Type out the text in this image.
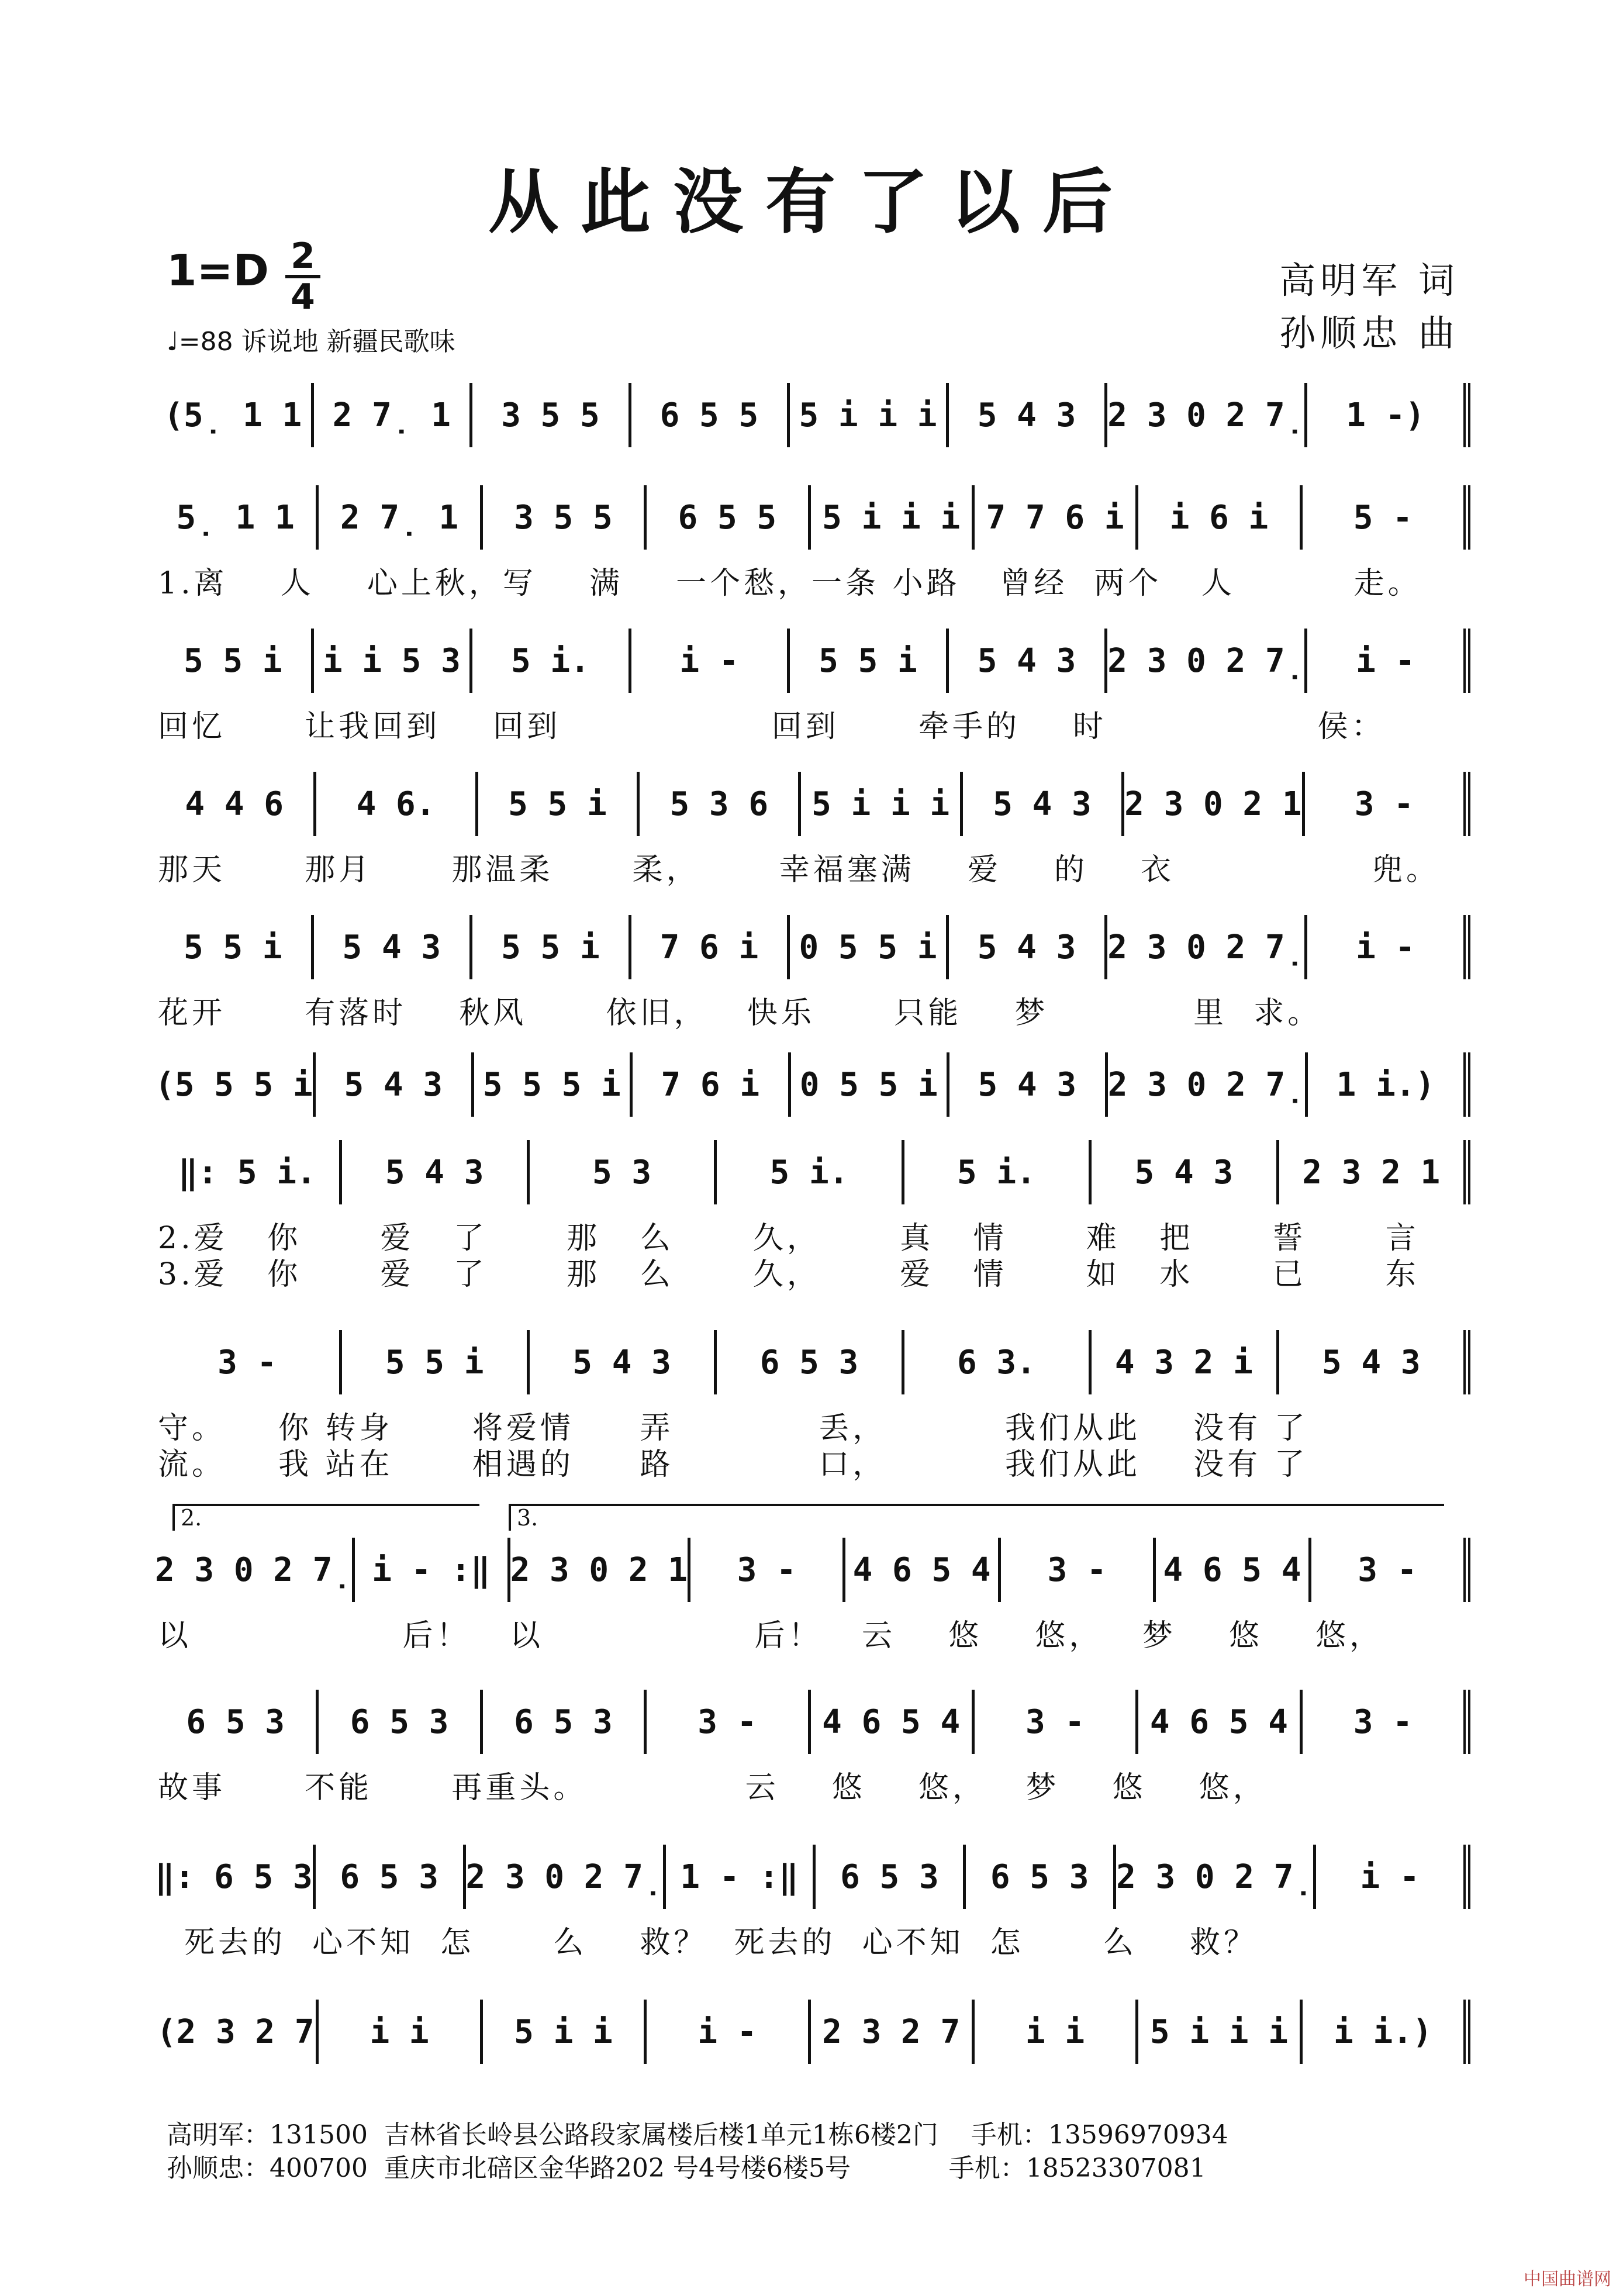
从此没有了以后
1=D 2
4
♩=88 诉说地 新疆民歌味
高明军 词
孙顺忠 曲
(5̣ 1 1 2 7̣ 1	3 5 5	6 5 5	5 i i i	5 4 3 2 3 0 2 7̣	1 -)
5̣ 1 1	2 7̣ 1	3 5 5	6 5 5	5 i i i 7 7 6 i	i 6 i	5 -
1.离    人    心上秋，写    满    一个愁，一条 小路   曾经  两个   人         走。
5 5 i	i i 5 3	5 i.	i -	5 5 i	5 4 3 2 3 0 2 7̣	i -
回忆      让我回到    回到                回到      牵手的    时                侯：
4 4 6	4 6.	5 5 i	5 3 6	5 i i i	5 4 3	2 3 0 2 1	3 -
那天      那月      那温柔      柔，      幸福塞满    爱    的    衣               兜。
5 5 i	5 4 3	5 5 i	7 6 i	0 5 5 i	5 4 3 2 3 0 2 7̣	i -
花开      有落时    秋风      依旧，   快乐      只能    梦           里  求。
(5 5 5 i 5 4 3	5 5 5 i	7 6 i	0 5 5 i	5 4 3 2 3 0 2 7̣ 1 i.)
‖: 5 i.	5 4 3	5 3	5 i.	5 i.	5 4 3	2 3 2 1
2.爱   你      爱   了      那   么      久，      真   情      难   把      誓      言
3.爱   你      爱   了      那   么      久，      爱   情      如   水      已      东
3 -	5 5 i	5 4 3	6 5 3	6 3.	4 3 2 i	5 4 3
守。    你 转身      将爱情     弄           丢，         我们从此    没有 了
流。    我 站在      相遇的     路           口，         我们从此    没有 了
2 3 0 2 7̣ i - :‖ 2 3 0 2 1	3 -	4 6 5 4	3 -	4 6 5 4	3 -
以                后！   以                后！   云    悠    悠，   梦    悠    悠，
2.	3.
6 5 3	6 5 3	6 5 3	3 -	4 6 5 4	3 -	4 6 5 4	3 -
故事      不能      再重头。            云    悠    悠，   梦    悠    悠，
‖: 6 5 3 6 5 3 2 3 0 2 7̣ 1 - :‖	6 5 3	6 5 3 2 3 0 2 7̣	i -
死去的  心不知  怎      么    救？  死去的  心不知  怎      么    救？
(2 3 2 7	i i	5 i i	i -	2 3 2 7	i i	5 i i i	i i.)
高明军：131500  吉林省长岭县公路段家属楼后楼1单元1栋6楼2门    手机：13596970934
孙顺忠：400700  重庆市北碚区金华路202 号4号楼6楼5号            手机：18523307081
中国曲谱网
